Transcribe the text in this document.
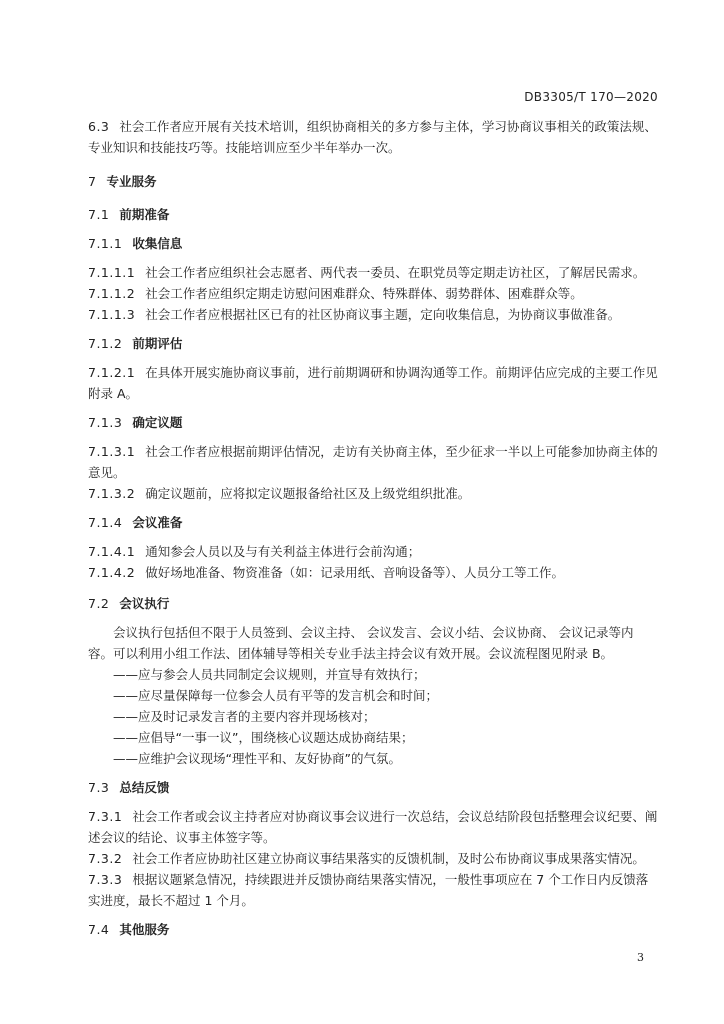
DB3305/T 170—2020

6.3 社会工作者应开展有关技术培训，组织协商相关的多方参与主体，学习协商议事相关的政策法规、专业知识和技能技巧等。技能培训应至少半年举办一次。

7 专业服务

7.1 前期准备

7.1.1 收集信息

7.1.1.1 社会工作者应组织社会志愿者、两代表一委员、在职党员等定期走访社区，了解居民需求。

7.1.1.2 社会工作者应组织定期走访慰问困难群众、特殊群体、弱势群体、困难群众等。

7.1.1.3 社会工作者应根据社区已有的社区协商议事主题，定向收集信息，为协商议事做准备。

7.1.2 前期评估

7.1.2.1 在具体开展实施协商议事前，进行前期调研和协调沟通等工作。前期评估应完成的主要工作见附录 A。

7.1.3 确定议题

7.1.3.1 社会工作者应根据前期评估情况，走访有关协商主体，至少征求一半以上可能参加协商主体的意见。

7.1.3.2 确定议题前，应将拟定议题报备给社区及上级党组织批准。

7.1.4 会议准备

7.1.4.1 通知参会人员以及与有关利益主体进行会前沟通；

7.1.4.2 做好场地准备、物资准备（如：记录用纸、音响设备等）、人员分工等工作。

7.2 会议执行

会议执行包括但不限于人员签到、会议主持、 会议发言、会议小结、会议协商、 会议记录等内容。可以利用小组工作法、团体辅导等相关专业手法主持会议有效开展。会议流程图见附录 B。

——应与参会人员共同制定会议规则，并宣导有效执行；

——应尽量保障每一位参会人员有平等的发言机会和时间；

——应及时记录发言者的主要内容并现场核对；

——应倡导“一事一议”，围绕核心议题达成协商结果；

——应维护会议现场“理性平和、友好协商”的气氛。

7.3 总结反馈

7.3.1 社会工作者或会议主持者应对协商议事会议进行一次总结，会议总结阶段包括整理会议纪要、阐述会议的结论、议事主体签字等。

7.3.2 社会工作者应协助社区建立协商议事结果落实的反馈机制，及时公布协商议事成果落实情况。

7.3.3 根据议题紧急情况，持续跟进并反馈协商结果落实情况，一般性事项应在 7 个工作日内反馈落实进度，最长不超过 1 个月。

7.4 其他服务

3
